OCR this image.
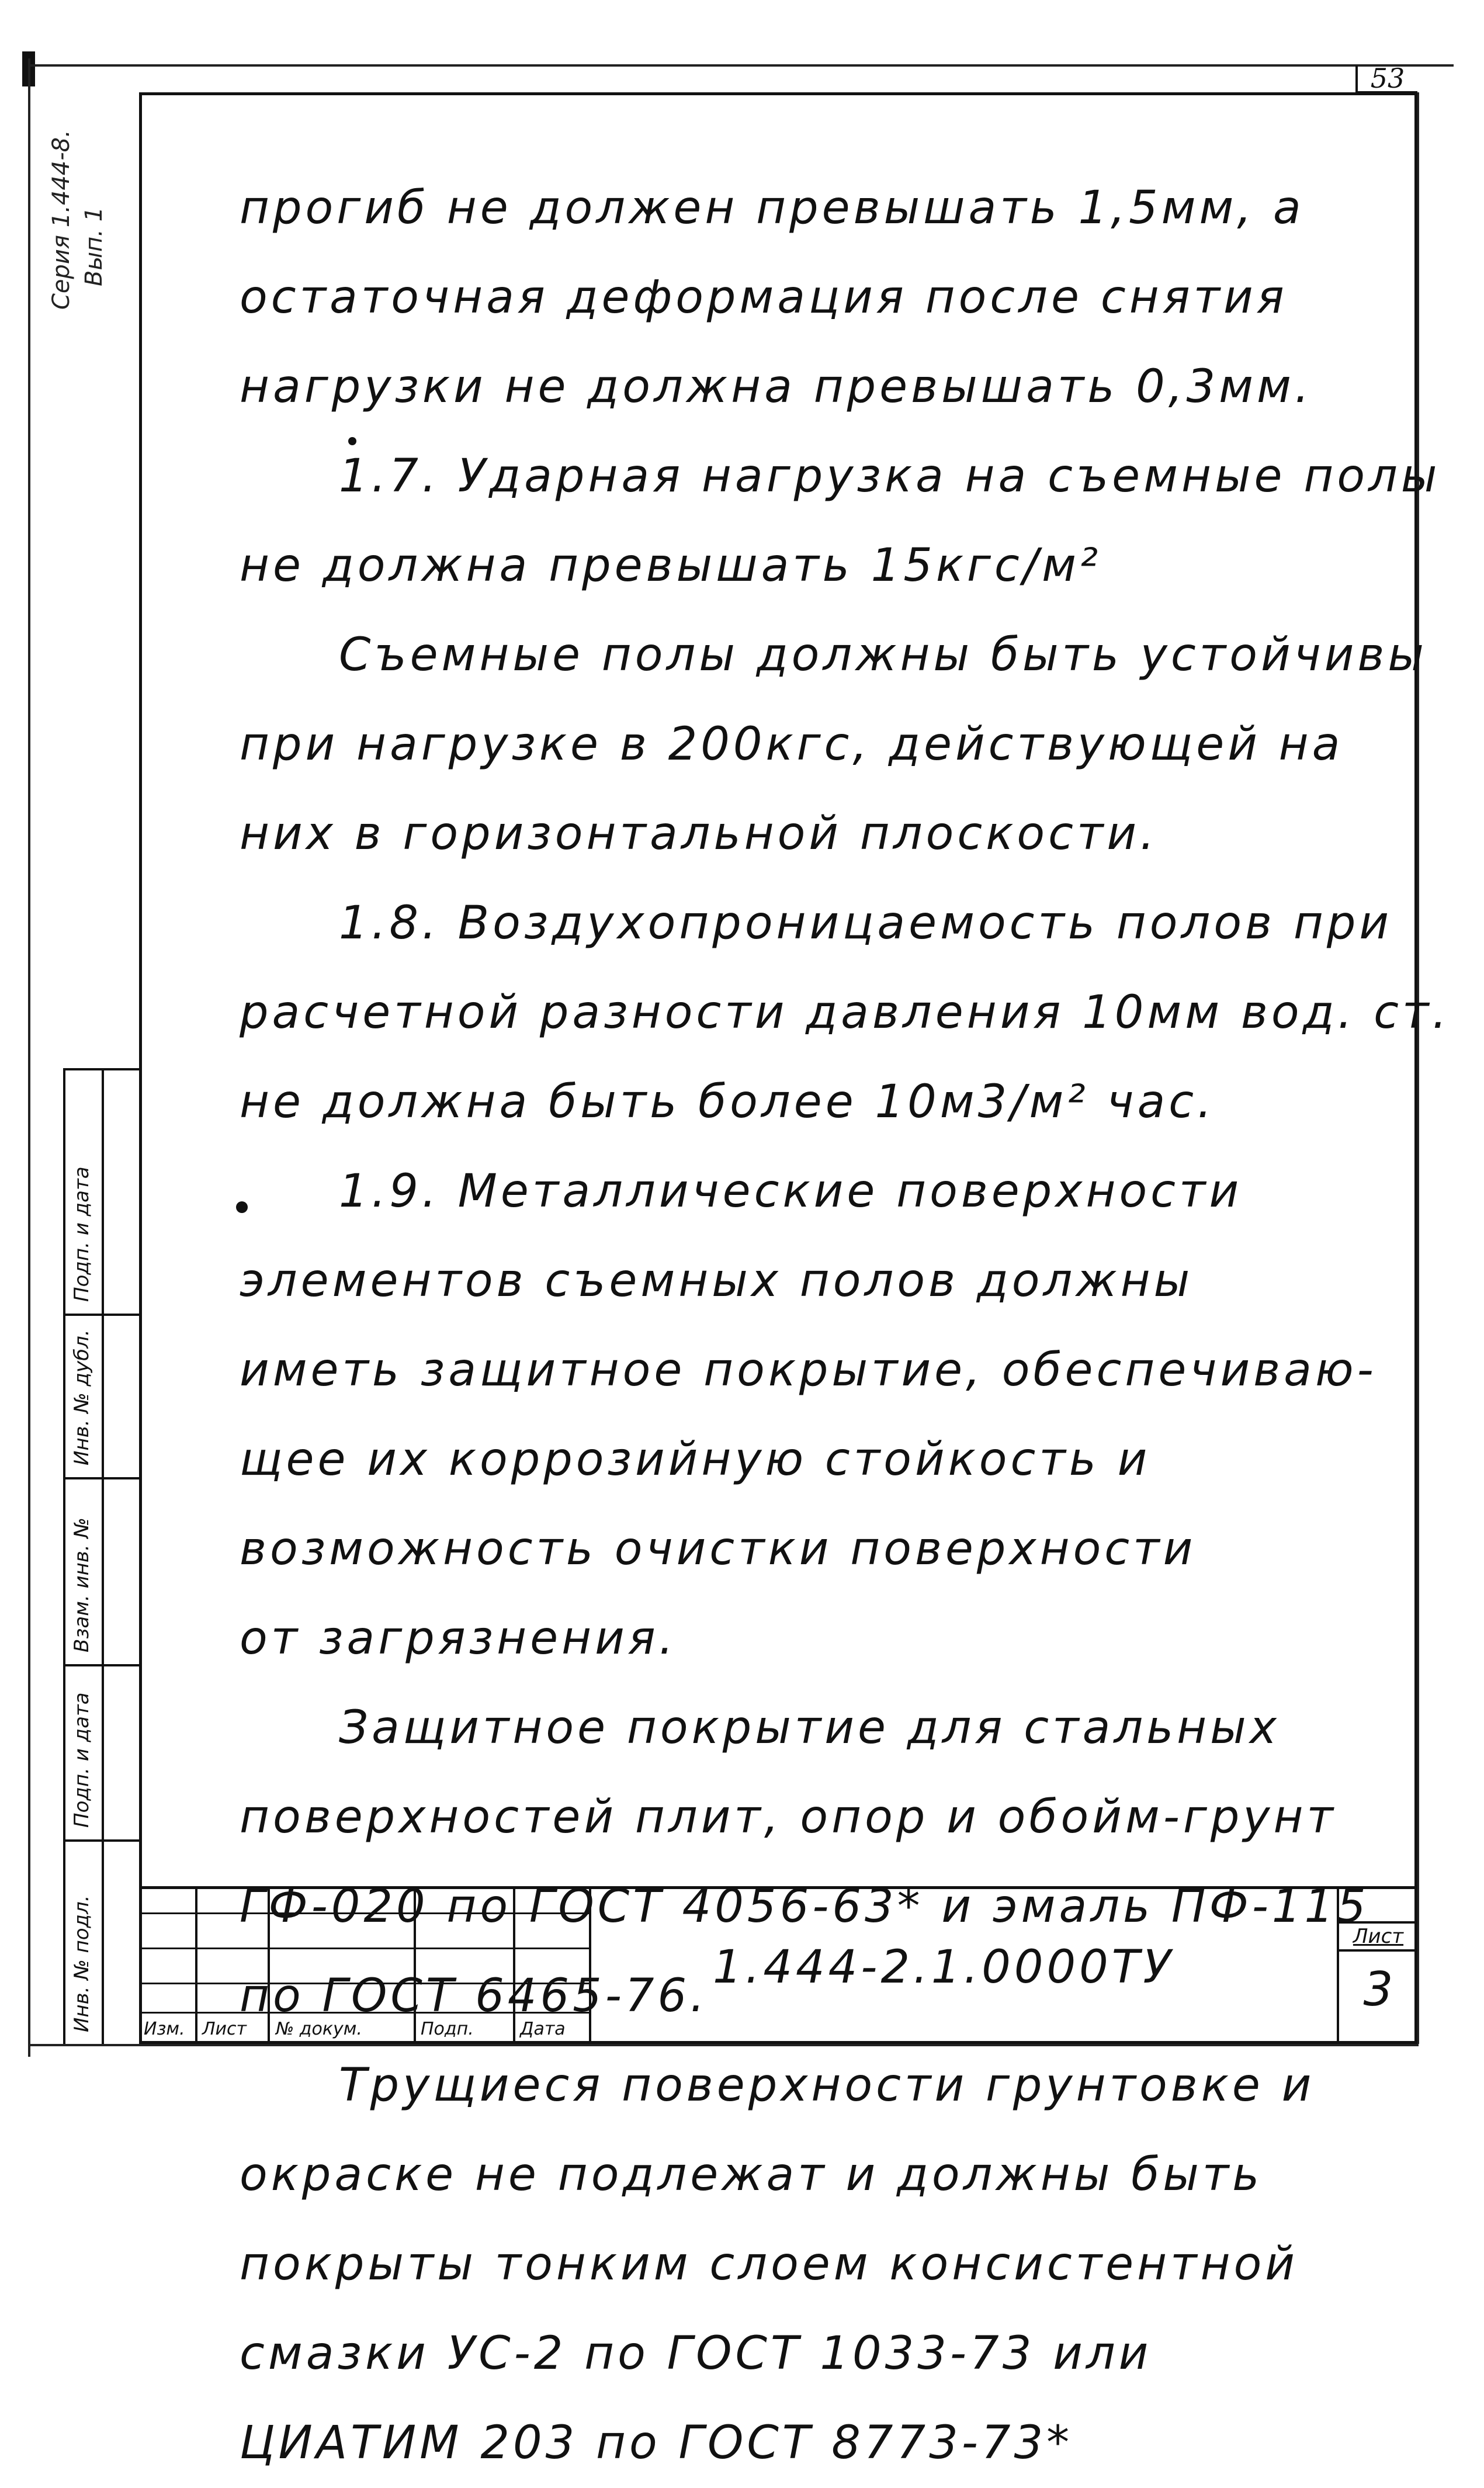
53
Серия 1.444-8. Вып. 1
Подп. и дата
Инв. № дубл.
Взам. инв. №
Подп. и дата
Инв. № подл.
прогиб не должен превышать 1,5мм, а
остаточная деформация после снятия
нагрузки не должна превышать 0,3мм.
1.7. Ударная нагрузка на съемные полы
не должна превышать 15кгс/м²
Съемные полы должны быть устойчивы
при нагрузке в 200кгс, действующей на
них в горизонтальной плоскости.
1.8. Воздухопроницаемость полов при
расчетной разности давления 10мм вод. ст.
не должна быть более 10м3/м² час.
1.9. Металлические поверхности
элементов съемных полов должны
иметь защитное покрытие, обеспечиваю-
щее их коррозийную стойкость и
возможность очистки поверхности
от загрязнения.
Защитное покрытие для стальных
поверхностей плит, опор и обойм-грунт
ГФ-020 по ГОСТ 4056-63* и эмаль ПФ-115
по ГОСТ 6465-76.
Трущиеся поверхности грунтовке и
окраске не подлежат и должны быть
покрыты тонким слоем консистентной
смазки УС-2 по ГОСТ 1033-73 или
ЦИАТИМ 203 по ГОСТ 8773-73*
Изм. Лист № докум.	Подп.	Дата
1.444-2.1.0000ТУ
Лист
3
